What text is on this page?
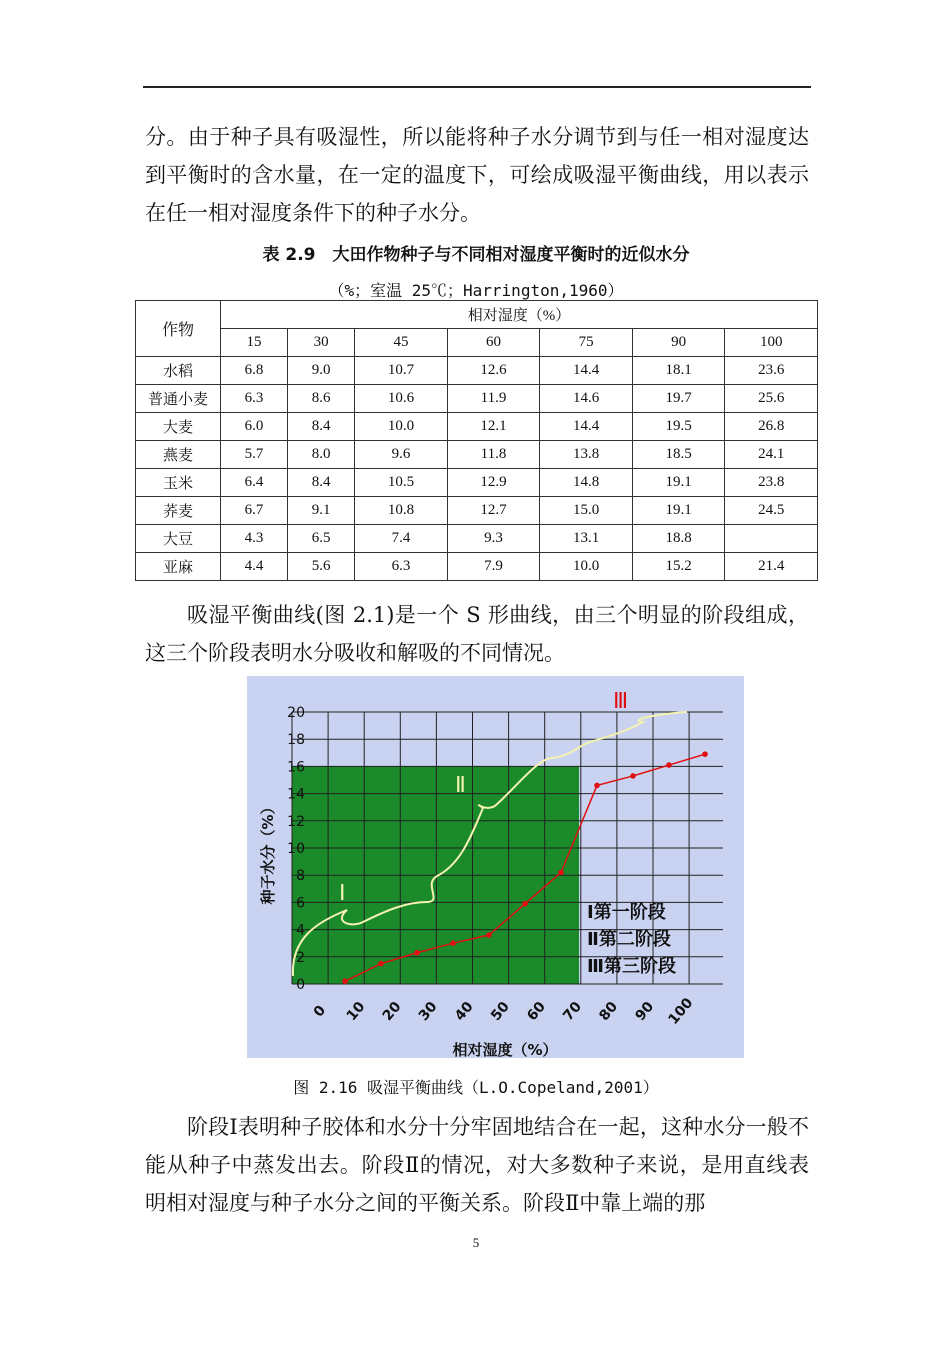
分。由于种子具有吸湿性，所以能将种子水分调节到与任一相对湿度达到平衡时的含水量，在一定的温度下，可绘成吸湿平衡曲线，用以表示在任一相对湿度条件下的种子水分。

表 2.9　大田作物种子与不同相对湿度平衡时的近似水分

（%；室温 25℃；Harrington,1960）

作物	相对湿度（%）						
	15	30	45	60	75	90	100
水稻	6.8	9.0	10.7	12.6	14.4	18.1	23.6
普通小麦	6.3	8.6	10.6	11.9	14.6	19.7	25.6
大麦	6.0	8.4	10.0	12.1	14.4	19.5	26.8
燕麦	5.7	8.0	9.6	11.8	13.8	18.5	24.1
玉米	6.4	8.4	10.5	12.9	14.8	19.1	23.8
荞麦	6.7	9.1	10.8	12.7	15.0	19.1	24.5
大豆	4.3	6.5	7.4	9.3	13.1	18.8	
亚麻	4.4	5.6	6.3	7.9	10.0	15.2	21.4

吸湿平衡曲线(图 2.1)是一个 S 形曲线，由三个明显的阶段组成，这三个阶段表明水分吸收和解吸的不同情况。

0
2
4
6
8
10
12
14
16
18
20
0 10 20 30 40 50 60 70 80 90 100
Ⅰ
Ⅱ
Ⅲ
Ⅰ第一阶段
Ⅱ第二阶段
Ⅲ第三阶段
种子水分（%）
相对湿度（%）

图 2.16 吸湿平衡曲线（L.O.Copeland,2001）

阶段Ⅰ表明种子胶体和水分十分牢固地结合在一起，这种水分一般不能从种子中蒸发出去。阶段Ⅱ的情况，对大多数种子来说，是用直线表明相对湿度与种子水分之间的平衡关系。阶段Ⅱ中靠上端的那

5
